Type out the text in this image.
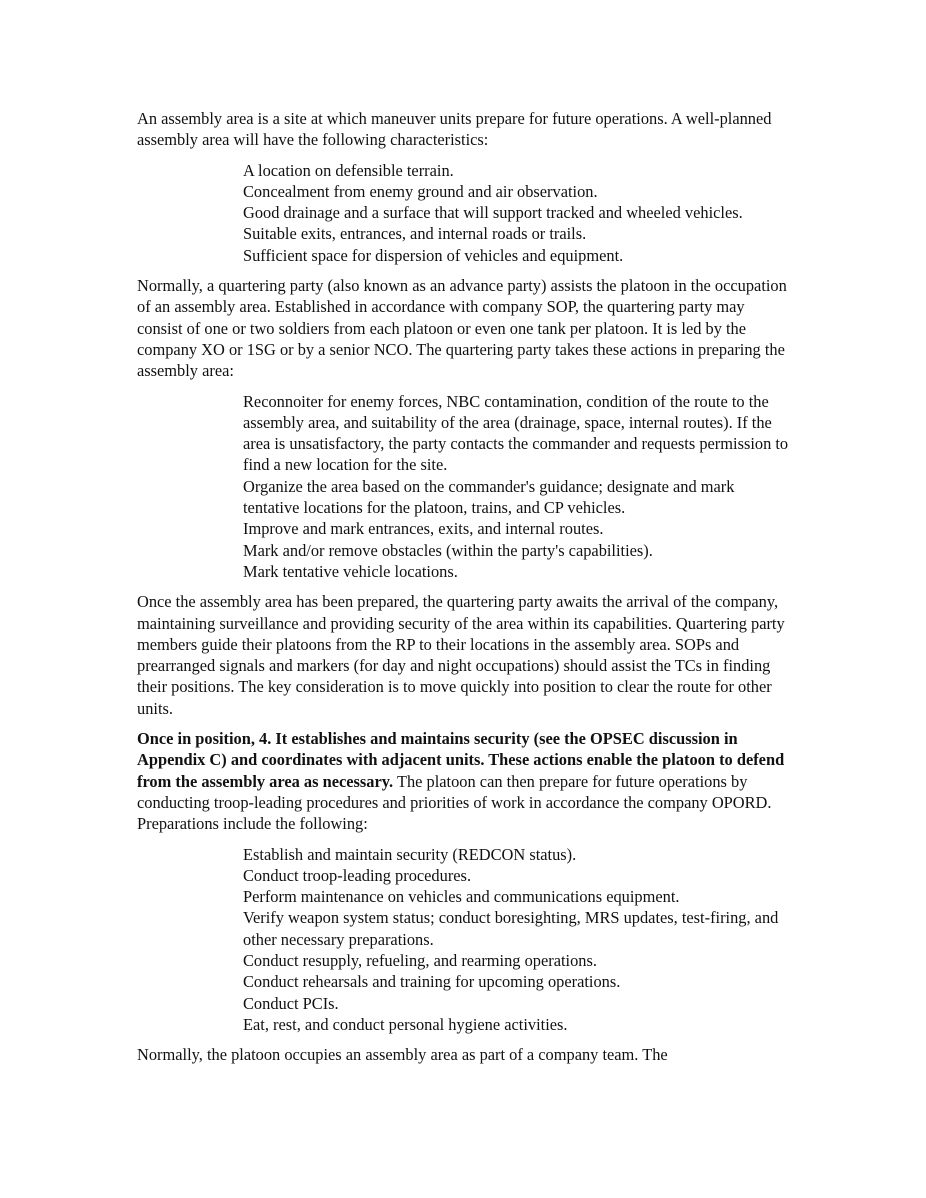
An assembly area is a site at which maneuver units prepare for future operations. A well-planned assembly area will have the following characteristics:

A location on defensible terrain.
Concealment from enemy ground and air observation.
Good drainage and a surface that will support tracked and wheeled vehicles.
Suitable exits, entrances, and internal roads or trails.
Sufficient space for dispersion of vehicles and equipment.

Normally, a quartering party (also known as an advance party) assists the platoon in the occupation of an assembly area. Established in accordance with company SOP, the quartering party may consist of one or two soldiers from each platoon or even one tank per platoon. It is led by the company XO or 1SG or by a senior NCO. The quartering party takes these actions in preparing the assembly area:

Reconnoiter for enemy forces, NBC contamination, condition of the route to the assembly area, and suitability of the area (drainage, space, internal routes). If the area is unsatisfactory, the party contacts the commander and requests permission to find a new location for the site.
Organize the area based on the commander's guidance; designate and mark tentative locations for the platoon, trains, and CP vehicles.
Improve and mark entrances, exits, and internal routes.
Mark and/or remove obstacles (within the party's capabilities).
Mark tentative vehicle locations.

Once the assembly area has been prepared, the quartering party awaits the arrival of the company, maintaining surveillance and providing security of the area within its capabilities. Quartering party members guide their platoons from the RP to their locations in the assembly area. SOPs and prearranged signals and markers (for day and night occupations) should assist the TCs in finding their positions. The key consideration is to move quickly into position to clear the route for other units.

Once in position, 4. It establishes and maintains security (see the OPSEC discussion in Appendix C) and coordinates with adjacent units. These actions enable the platoon to defend from the assembly area as necessary. The platoon can then prepare for future operations by conducting troop-leading procedures and priorities of work in accordance the company OPORD. Preparations include the following:

Establish and maintain security (REDCON status).
Conduct troop-leading procedures.
Perform maintenance on vehicles and communications equipment.
Verify weapon system status; conduct boresighting, MRS updates, test-firing, and other necessary preparations.
Conduct resupply, refueling, and rearming operations.
Conduct rehearsals and training for upcoming operations.
Conduct PCIs.
Eat, rest, and conduct personal hygiene activities.

Normally, the platoon occupies an assembly area as part of a company team. The
